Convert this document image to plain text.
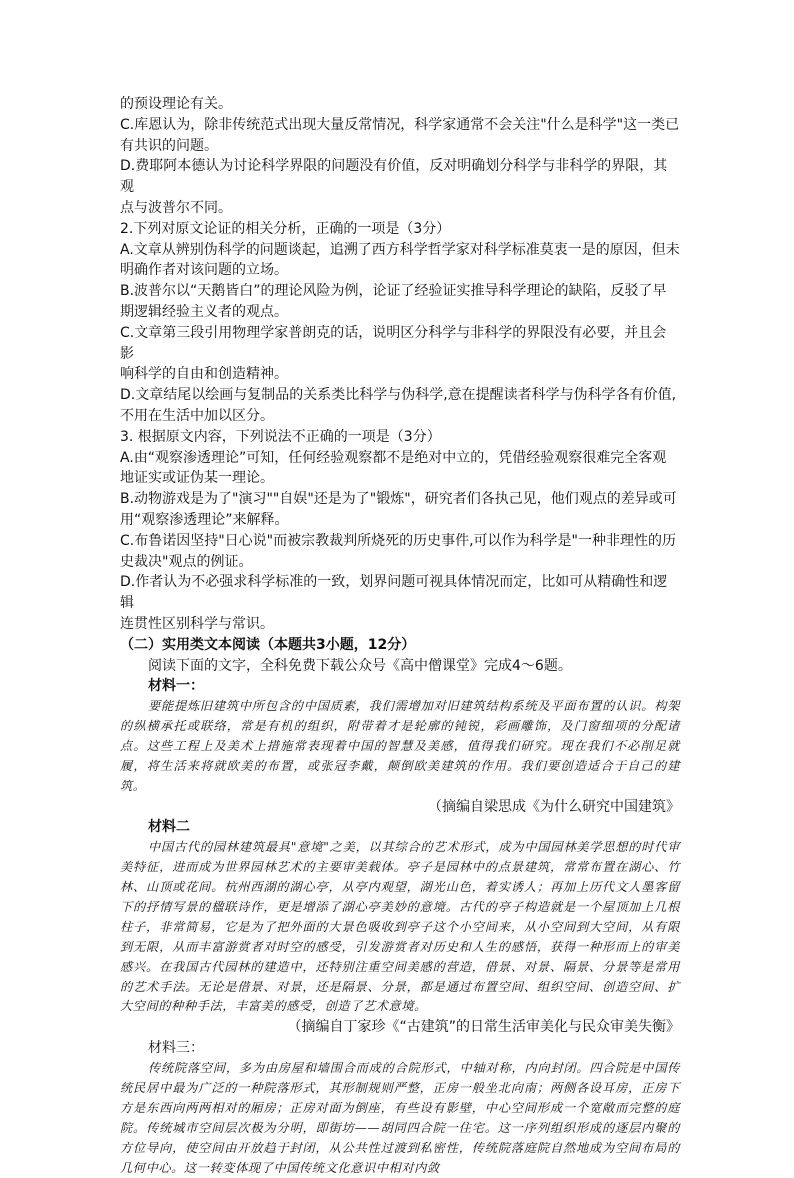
的预设理论有关。

C.库恩认为，除非传统范式出现大量反常情况，科学家通常不会关注"什么是科学"这一类已

有共识的问题。

D.费耶阿本德认为讨论科学界限的问题没有价值，反对明确划分科学与非科学的界限，其观

点与波普尔不同。

2.下列对原文论证的相关分析，正确的一项是（3分）

A.文章从辨别伪科学的问题谈起，追溯了西方科学哲学家对科学标准莫衷一是的原因，但未

明确作者对该问题的立场。

B.波普尔以“天鹅皆白”的理论风险为例，论证了经验证实推导科学理论的缺陷，反驳了早

期逻辑经验主义者的观点。

C.文章第三段引用物理学家普朗克的话，说明区分科学与非科学的界限没有必要，并且会影

响科学的自由和创造精神。

D.文章结尾以绘画与复制品的关系类比科学与伪科学,意在提醒读者科学与伪科学各有价值,

不用在生活中加以区分。

3. 根据原文内容，下列说法不正确的一项是（3分）

A.由“观察渗透理论”可知，任何经验观察都不是绝对中立的，凭借经验观察很难完全客观

地证实或证伪某一理论。

B.动物游戏是为了"演习""自娱"还是为了"锻炼"，研究者们各执己见，他们观点的差异或可

用“观察渗透理论”来解释。

C.布鲁诺因坚持"日心说"而被宗教裁判所烧死的历史事件,可以作为科学是"一种非理性的历

史裁决"观点的例证。

D.作者认为不必强求科学标准的一致，划界问题可视具体情况而定，比如可从精确性和逻辑

连贯性区别科学与常识。

（二）实用类文本阅读（本题共3小题，12分）

阅读下面的文字，全科免费下载公众号《高中僧课堂》完成4～6题。

材料一：

要能提炼旧建筑中所包含的中国质素，我们需增加对旧建筑结构系统及平面布置的认识。构架的纵横承托或联络，常是有机的组织，附带着才是轮廓的钝锐，彩画雕饰，及门窗细项的分配诸点。这些工程上及美术上措施常表现着中国的智慧及美感，值得我们研究。现在我们不必削足就履，将生活来将就欧美的布置，或张冠李戴，颠倒欧美建筑的作用。我们要创造适合于自己的建筑。

（摘编自梁思成《为什么研究中国建筑》

材料二

中国古代的园林建筑最具"意境"之美，以其综合的艺术形式，成为中国园林美学思想的时代审美特征，进而成为世界园林艺术的主要审美载体。亭子是园林中的点景建筑，常常布置在湖心、竹林、山顶或花间。杭州西湖的湖心亭，从亭内观望，湖光山色，着实诱人；再加上历代文人墨客留下的抒情写景的楹联诗作，更是增添了湖心亭美妙的意境。古代的亭子构造就是一个屋顶加上几根柱子，非常简易，它是为了把外面的大景色吸收到亭子这个小空间来，从小空间到大空间，从有限到无限，从而丰富游赏者对时空的感受，引发游赏者对历史和人生的感悟，获得一种形而上的审美感兴。在我国古代园林的建造中，还特别注重空间美感的营造，借景、对景、隔景、分景等是常用的艺术手法。无论是借景、对景，还是隔景、分景，都是通过布置空间、组织空间、创造空间、扩大空间的种种手法，丰富美的感受，创造了艺术意境。

（摘编自丁家珍《“古建筑”的日常生活审美化与民众审美失衡》

材料三：

传统院落空间，多为由房屋和墙围合而成的合院形式，中轴对称，内向封闭。四合院是中国传统民居中最为广泛的一种院落形式，其形制规则严整，正房一般坐北向南；两侧各设耳房，正房下方是东西向两两相对的厢房；正房对面为倒座，有些设有影壁，中心空间形成一个宽敞而完整的庭院。传统城市空间层次极为分明，即街坊——胡同四合院一住宅。这一序列组织形成的逐层内聚的方位导向，使空间由开放趋于封闭，从公共性过渡到私密性，传统院落庭院自然地成为空间布局的几何中心。这一转变体现了中国传统文化意识中相对内敛
